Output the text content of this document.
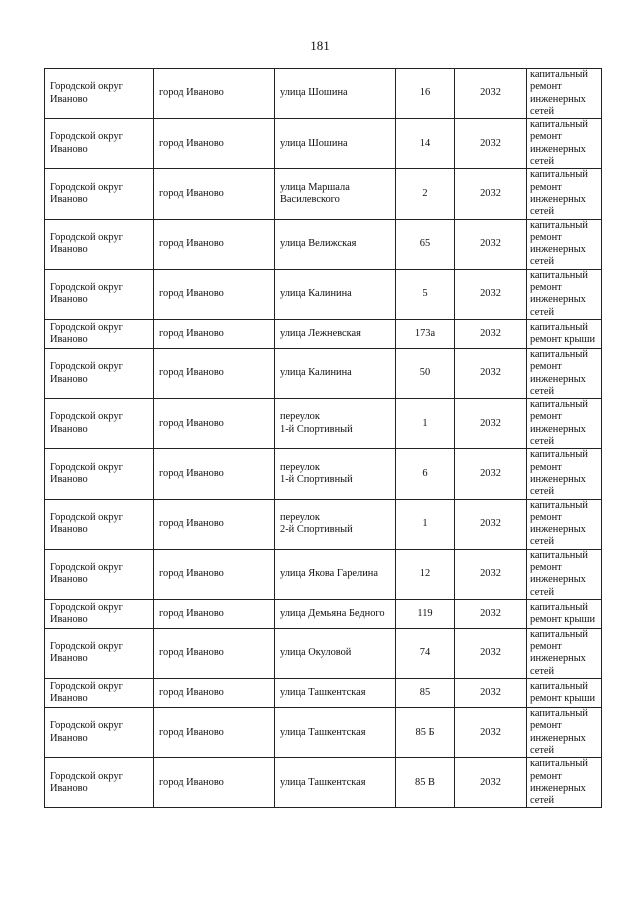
181
Городской округ Иваново	город Иваново	улица Шошина	16	2032	капитальный
ремонт
инженерных
сетей
Городской округ Иваново	город Иваново	улица Шошина	14	2032	капитальный
ремонт
инженерных
сетей
Городской округ Иваново	город Иваново	улица Маршала
Василевского	2	2032	капитальный
ремонт
инженерных
сетей
Городской округ Иваново	город Иваново	улица Велижская	65	2032	капитальный
ремонт
инженерных
сетей
Городской округ Иваново	город Иваново	улица Калинина	5	2032	капитальный
ремонт
инженерных
сетей
Городской округ Иваново	город Иваново	улица Лежневская	173а	2032	капитальный
ремонт крыши
Городской округ Иваново	город Иваново	улица Калинина	50	2032	капитальный
ремонт
инженерных
сетей
Городской округ Иваново	город Иваново	переулок
1-й Спортивный	1	2032	капитальный
ремонт
инженерных
сетей
Городской округ Иваново	город Иваново	переулок
1-й Спортивный	6	2032	капитальный
ремонт
инженерных
сетей
Городской округ Иваново	город Иваново	переулок
2-й Спортивный	1	2032	капитальный
ремонт
инженерных
сетей
Городской округ Иваново	город Иваново	улица Якова Гарелина	12	2032	капитальный
ремонт
инженерных
сетей
Городской округ Иваново	город Иваново	улица Демьяна Бедного	119	2032	капитальный
ремонт крыши
Городской округ Иваново	город Иваново	улица Окуловой	74	2032	капитальный
ремонт
инженерных
сетей
Городской округ Иваново	город Иваново	улица Ташкентская	85	2032	капитальный
ремонт крыши
Городской округ Иваново	город Иваново	улица Ташкентская	85 Б	2032	капитальный
ремонт
инженерных
сетей
Городской округ Иваново	город Иваново	улица Ташкентская	85 В	2032	капитальный
ремонт
инженерных
сетей
